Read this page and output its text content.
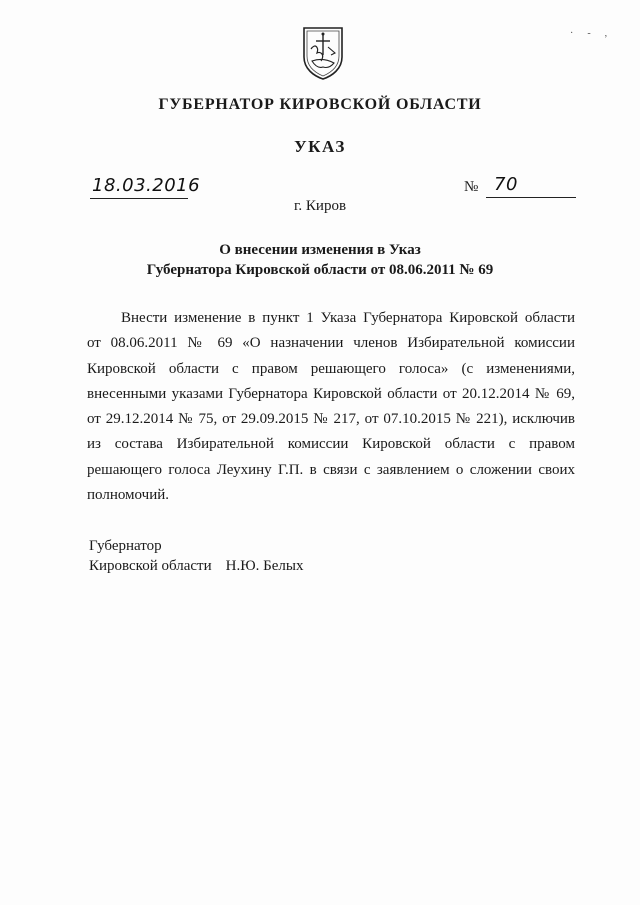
· - ,
ГУБЕРНАТОР КИРОВСКОЙ ОБЛАСТИ
УКАЗ
18.03.2016	№ 70
г. Киров
О внесении изменения в Указ
Губернатора Кировской области от 08.06.2011 № 69
Внести изменение в пункт 1 Указа Губернатора Кировской области
от 08.06.2011 № 69 «О назначении членов Избирательной комиссии
Кировской области с правом решающего голоса» (с изменениями,
внесенными указами Губернатора Кировской области от 20.12.2014 № 69,
от 29.12.2014 № 75, от 29.09.2015 № 217, от 07.10.2015 № 221), исключив
из состава Избирательной комиссии Кировской области с правом
решающего голоса Леухину Г.П. в связи с заявлением о сложении своих
полномочий.
Губернатор
Кировской области Н.Ю. Белых
